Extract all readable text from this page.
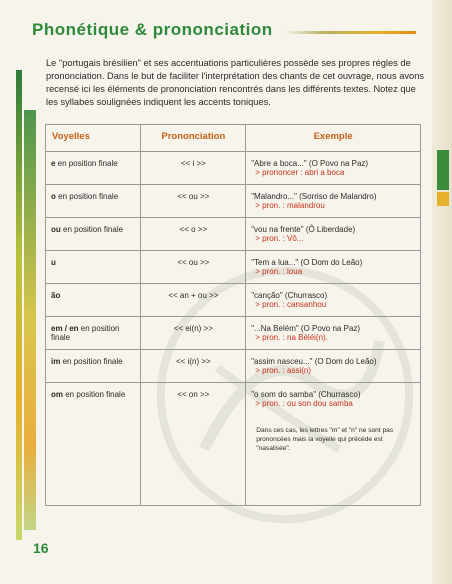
Phonétique & prononciation
Le "portugais brésilien" et ses accentuations particulières possède ses propres régles de prononciation. Dans le but de faciliter l'interprétation des chants de cet ouvrage, nous avons recensé ici les éléments de prononciation rencontrés dans les différents textes. Notez que les syllabes soulignées indiquent les accents toniques.
Voyelles	Prononciation	Exemple
e en position finale	<< i >>	"Abre a boca..." (O Povo na Paz)
> prononcer : abri a boca

o en position finale	<< ou >>	"Malandro..." (Sorriso de Malandro)
> pron. : malandrou

ou en position finale	<< o >>	"vou na frente" (Ô Liberdade)
> pron. : Vô...

u	<< ou >>	"Tem a lua..." (O Dom do Leão)
> pron. : loua

ão	<< an + ou >>	"canção" (Churrasco)
> pron. : cansanhou

em / en en position finale	<< ei(n) >>	"...Na Belém" (O Povo na Paz)
> pron. : na Béléi(n).

im en position finale	<< i(n) >>	"assim nasceu..." (O Dom do Leão)
> pron. : assi(n)

om en position finale	<< on >>	"o som do samba" (Churrasco)
> pron. : ou son dou samba
Dans ces cas, les lettres "m" et "n" ne sont pas prononcées mais la voyelle qui précéde est "nasalisée".
16
